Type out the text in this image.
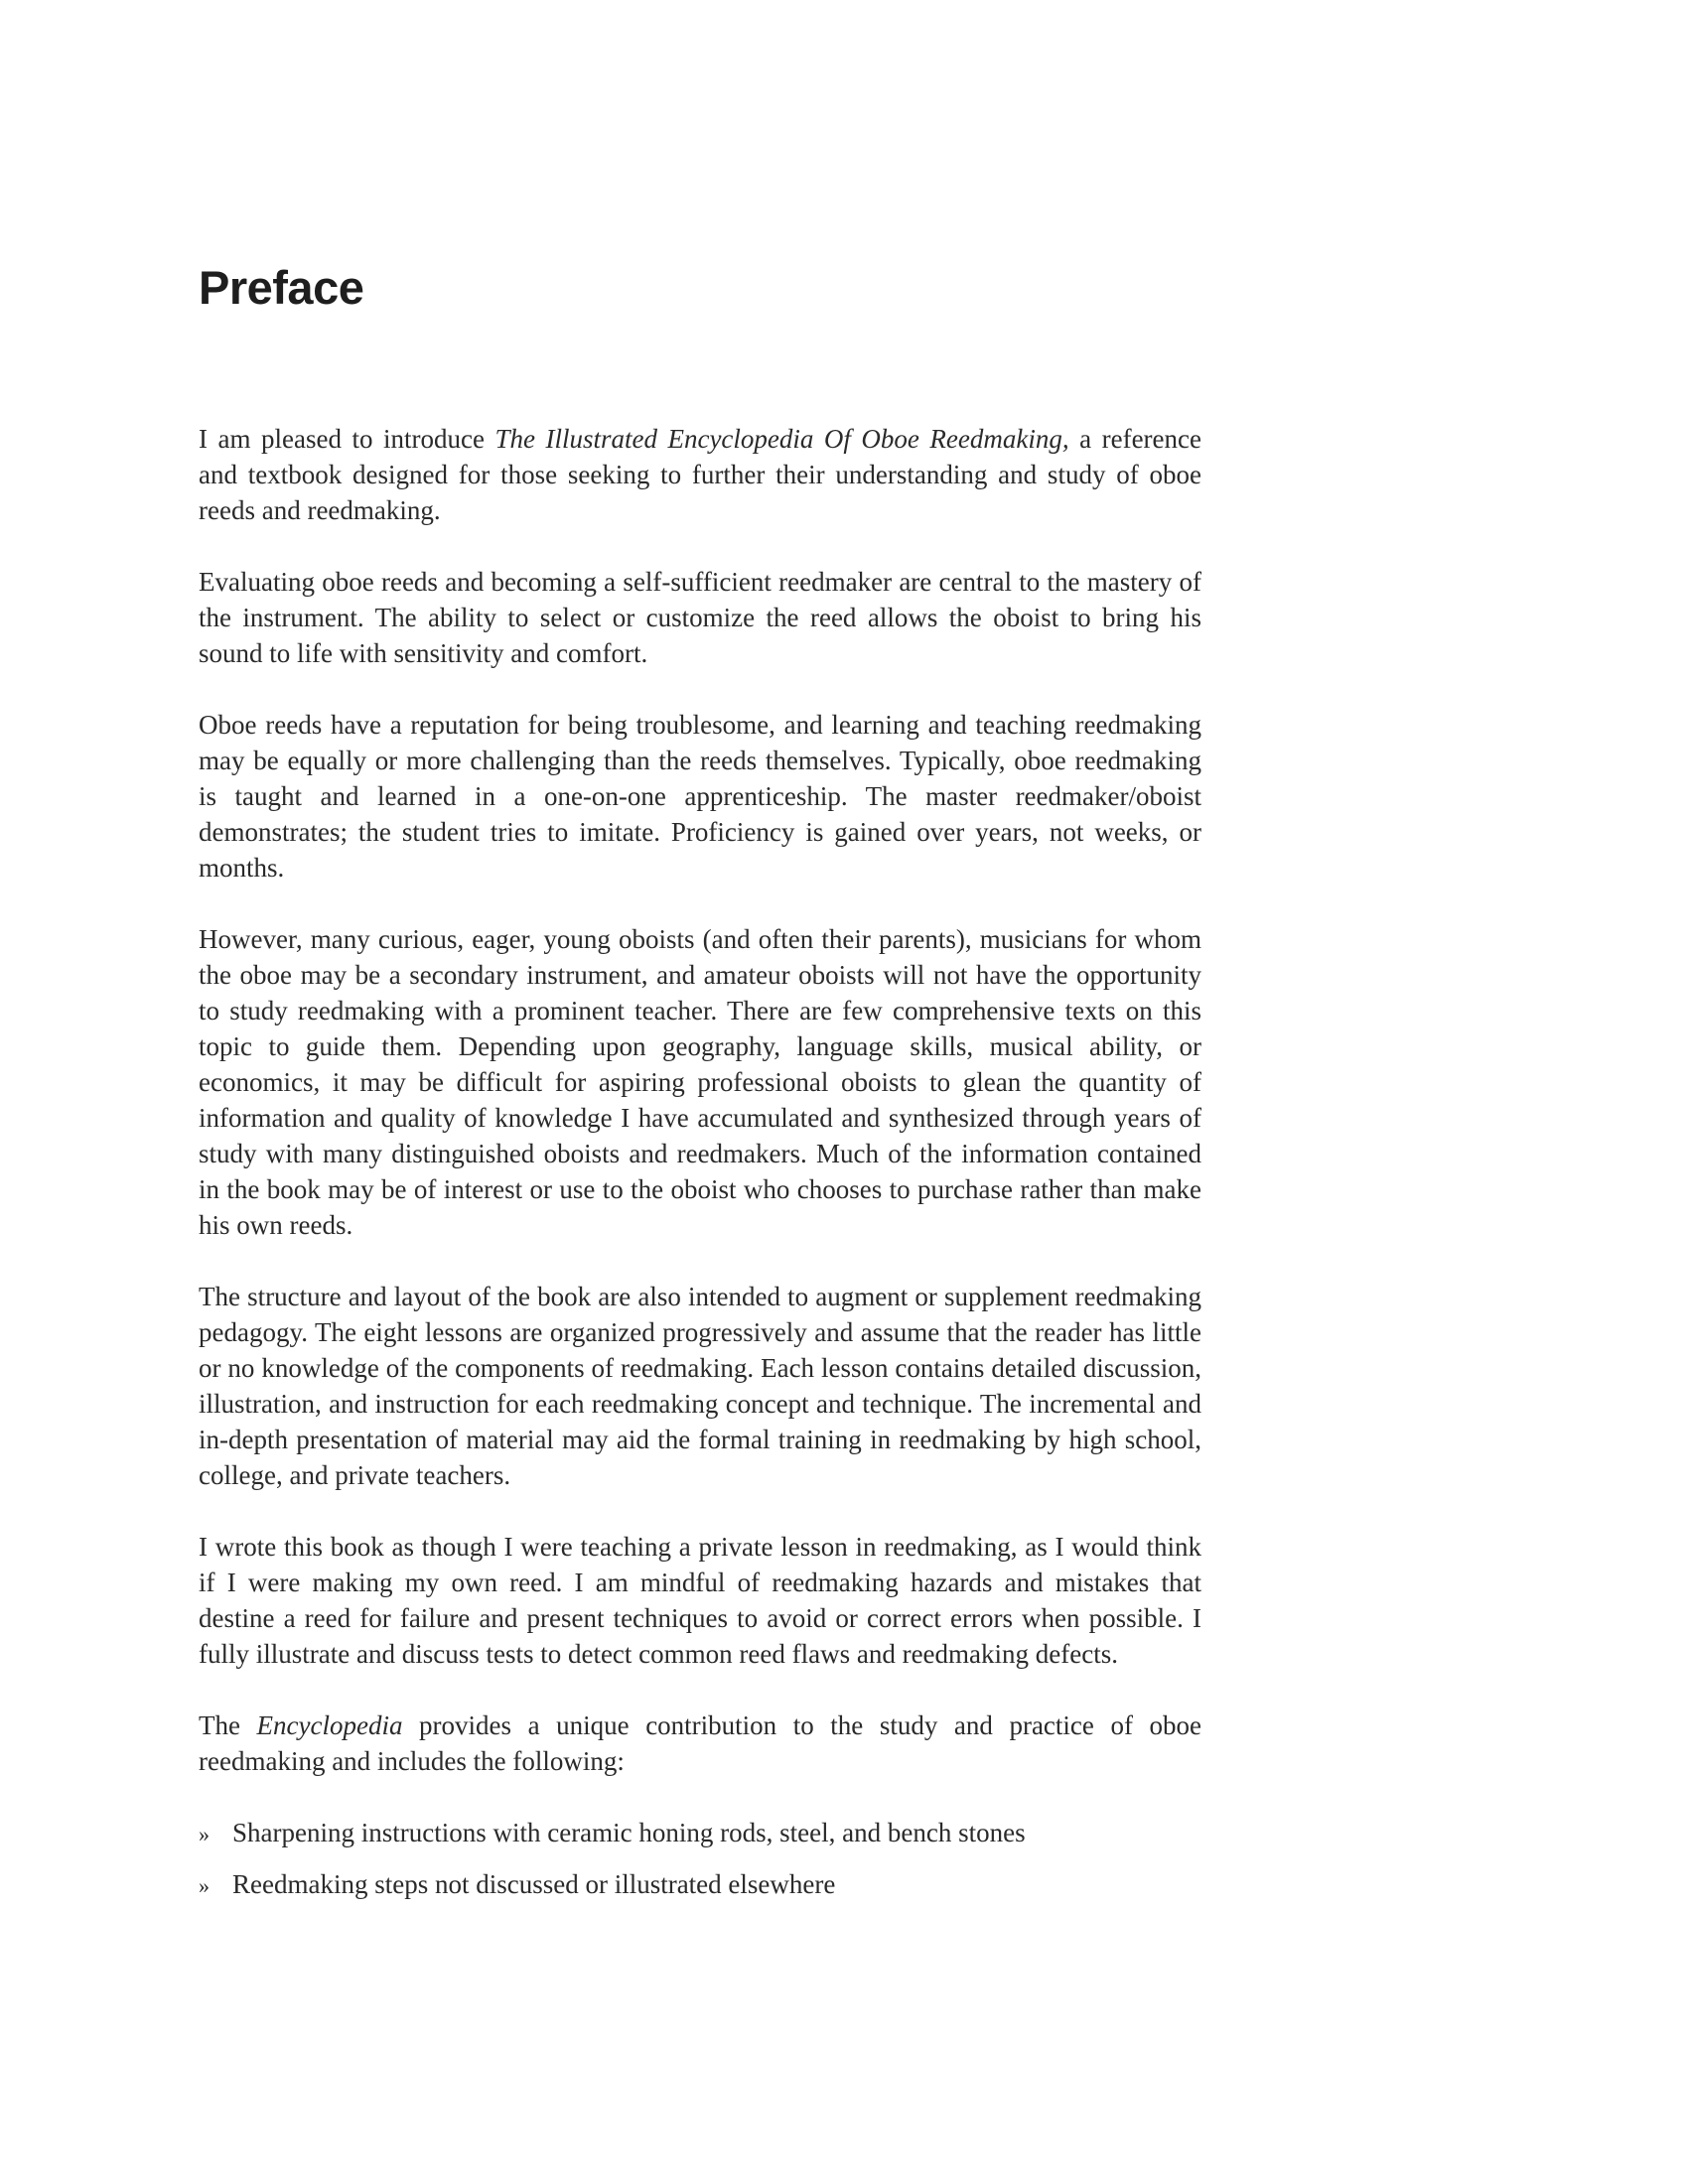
Preface

I am pleased to introduce The Illustrated Encyclopedia Of Oboe Reedmaking, a reference and textbook designed for those seeking to further their understanding and study of oboe reeds and reedmaking.

Evaluating oboe reeds and becoming a self-sufficient reedmaker are central to the mastery of the instrument. The ability to select or customize the reed allows the oboist to bring his sound to life with sensitivity and comfort.

Oboe reeds have a reputation for being troublesome, and learning and teaching reedmaking may be equally or more challenging than the reeds themselves. Typically, oboe reedmaking is taught and learned in a one-on-one apprenticeship. The master reedmaker/oboist demonstrates; the student tries to imitate. Proficiency is gained over years, not weeks, or months.

However, many curious, eager, young oboists (and often their parents), musicians for whom the oboe may be a secondary instrument, and amateur oboists will not have the opportunity to study reedmaking with a prominent teacher. There are few comprehensive texts on this topic to guide them. Depending upon geography, language skills, musical ability, or economics, it may be difficult for aspiring professional oboists to glean the quantity of information and quality of knowledge I have accumulated and synthesized through years of study with many distinguished oboists and reedmakers. Much of the information contained in the book may be of interest or use to the oboist who chooses to purchase rather than make his own reeds.

The structure and layout of the book are also intended to augment or supplement reedmaking pedagogy. The eight lessons are organized progressively and assume that the reader has little or no knowledge of the components of reedmaking. Each lesson contains detailed discussion, illustration, and instruction for each reedmaking concept and technique. The incremental and in-depth presentation of material may aid the formal training in reedmaking by high school, college, and private teachers.

I wrote this book as though I were teaching a private lesson in reedmaking, as I would think if I were making my own reed. I am mindful of reedmaking hazards and mistakes that destine a reed for failure and present techniques to avoid or correct errors when possible. I fully illustrate and discuss tests to detect common reed flaws and reedmaking defects.

The Encyclopedia provides a unique contribution to the study and practice of oboe reedmaking and includes the following:

» Sharpening instructions with ceramic honing rods, steel, and bench stones
» Reedmaking steps not discussed or illustrated elsewhere
